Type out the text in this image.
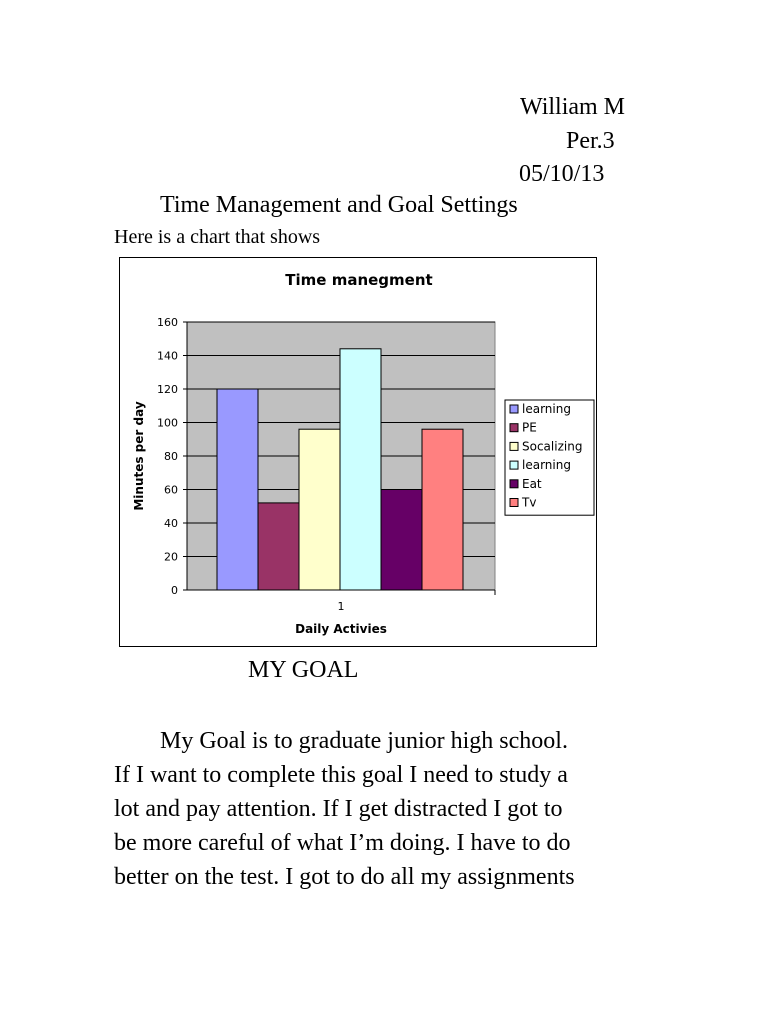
William M
Per.3
05/10/13
Time Management and Goal Settings
Here is a chart that shows
Time manegment
0
20
40
60
80
100
120
140
160
1
Minutes per day
Daily Activies
learning
PE
Socalizing
learning
Eat
Tv
MY GOAL
My Goal is to graduate junior high school.
If I want to complete this goal I need to study a
lot and pay attention. If I get distracted I got to
be more careful of what I’m doing. I have to do
better on the test. I got to do all my assignments
